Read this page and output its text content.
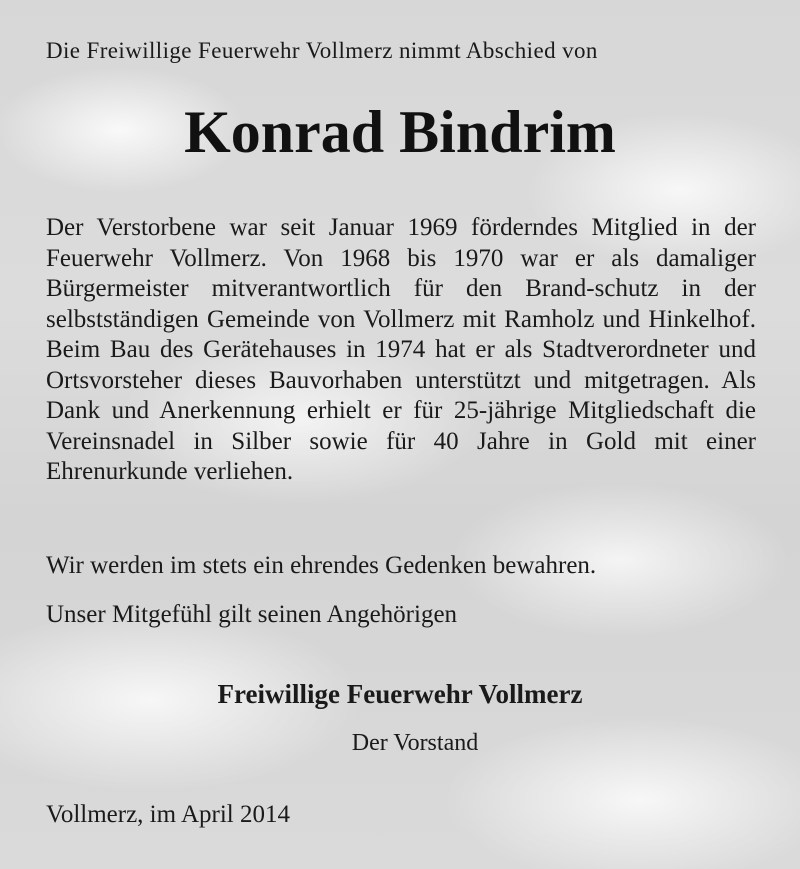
Die Freiwillige Feuerwehr Vollmerz nimmt Abschied von
Konrad Bindrim
Der Verstorbene war seit Januar 1969 förderndes Mitglied in der Feuerwehr Vollmerz. Von 1968 bis 1970 war er als damaliger Bürgermeister mitverantwortlich für den Brand-schutz in der selbstständigen Gemeinde von Vollmerz mit Ramholz und Hinkelhof. Beim Bau des Gerätehauses in 1974 hat er als Stadtverordneter und Ortsvorsteher dieses Bauvorhaben unterstützt und mitgetragen. Als Dank und Anerkennung erhielt er für 25-jährige Mitgliedschaft die Vereinsnadel in Silber sowie für 40 Jahre in Gold mit einer Ehrenurkunde verliehen.
Wir werden im stets ein ehrendes Gedenken bewahren.
Unser Mitgefühl gilt seinen Angehörigen
Freiwillige Feuerwehr Vollmerz
Der Vorstand
Vollmerz, im April 2014
